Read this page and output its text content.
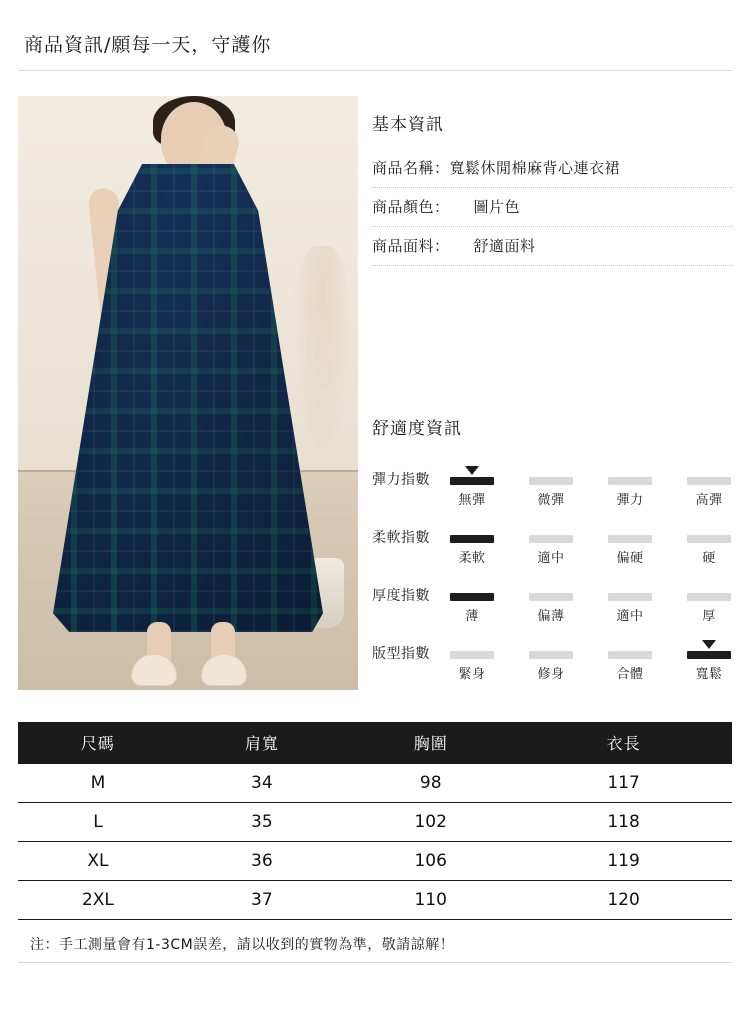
商品資訊/願每一天，守護你
基本資訊
商品名稱： 寬鬆休閒棉麻背心連衣裙
商品顏色： 圖片色
商品面料： 舒適面料
舒適度資訊
彈力指數
無彈	微彈	彈力	高彈
柔軟指數
柔軟	適中	偏硬	硬
厚度指數
薄	偏薄	適中	厚
版型指數
緊身	修身	合體	寬鬆
尺碼	肩寬	胸圍	衣長
M	34	98	117
L	35	102	118
XL	36	106	119
2XL	37	110	120
注：手工測量會有1-3CM誤差，請以收到的實物為準，敬請諒解！
